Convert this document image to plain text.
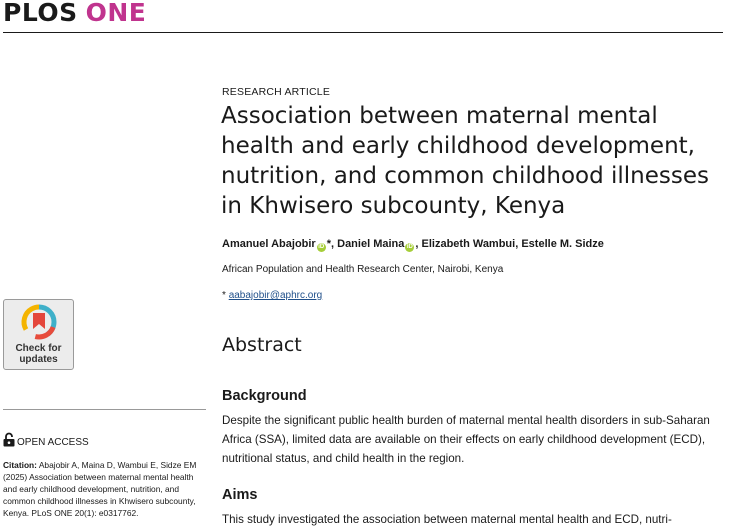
PLOS ONE
RESEARCH ARTICLE
Association between maternal mental health and early childhood development, nutrition, and common childhood illnesses in Khwisero subcounty, Kenya
Amanuel Abajobir iD *, Daniel Maina iD , Elizabeth Wambui, Estelle M. Sidze
African Population and Health Research Center, Nairobi, Kenya
* aabajobir@aphrc.org
Check for
updates
OPEN ACCESS
Citation: Abajobir A, Maina D, Wambui E, Sidze EM (2025) Association between maternal mental health and early childhood development, nutrition, and common childhood illnesses in Khwisero subcounty, Kenya. PLoS ONE 20(1): e0317762.
Abstract
Background
Despite the significant public health burden of maternal mental health disorders in sub-Saharan Africa (SSA), limited data are available on their effects on early childhood development (ECD), nutritional status, and child health in the region.
Aims
This study investigated the association between maternal mental health and ECD, nutri-
